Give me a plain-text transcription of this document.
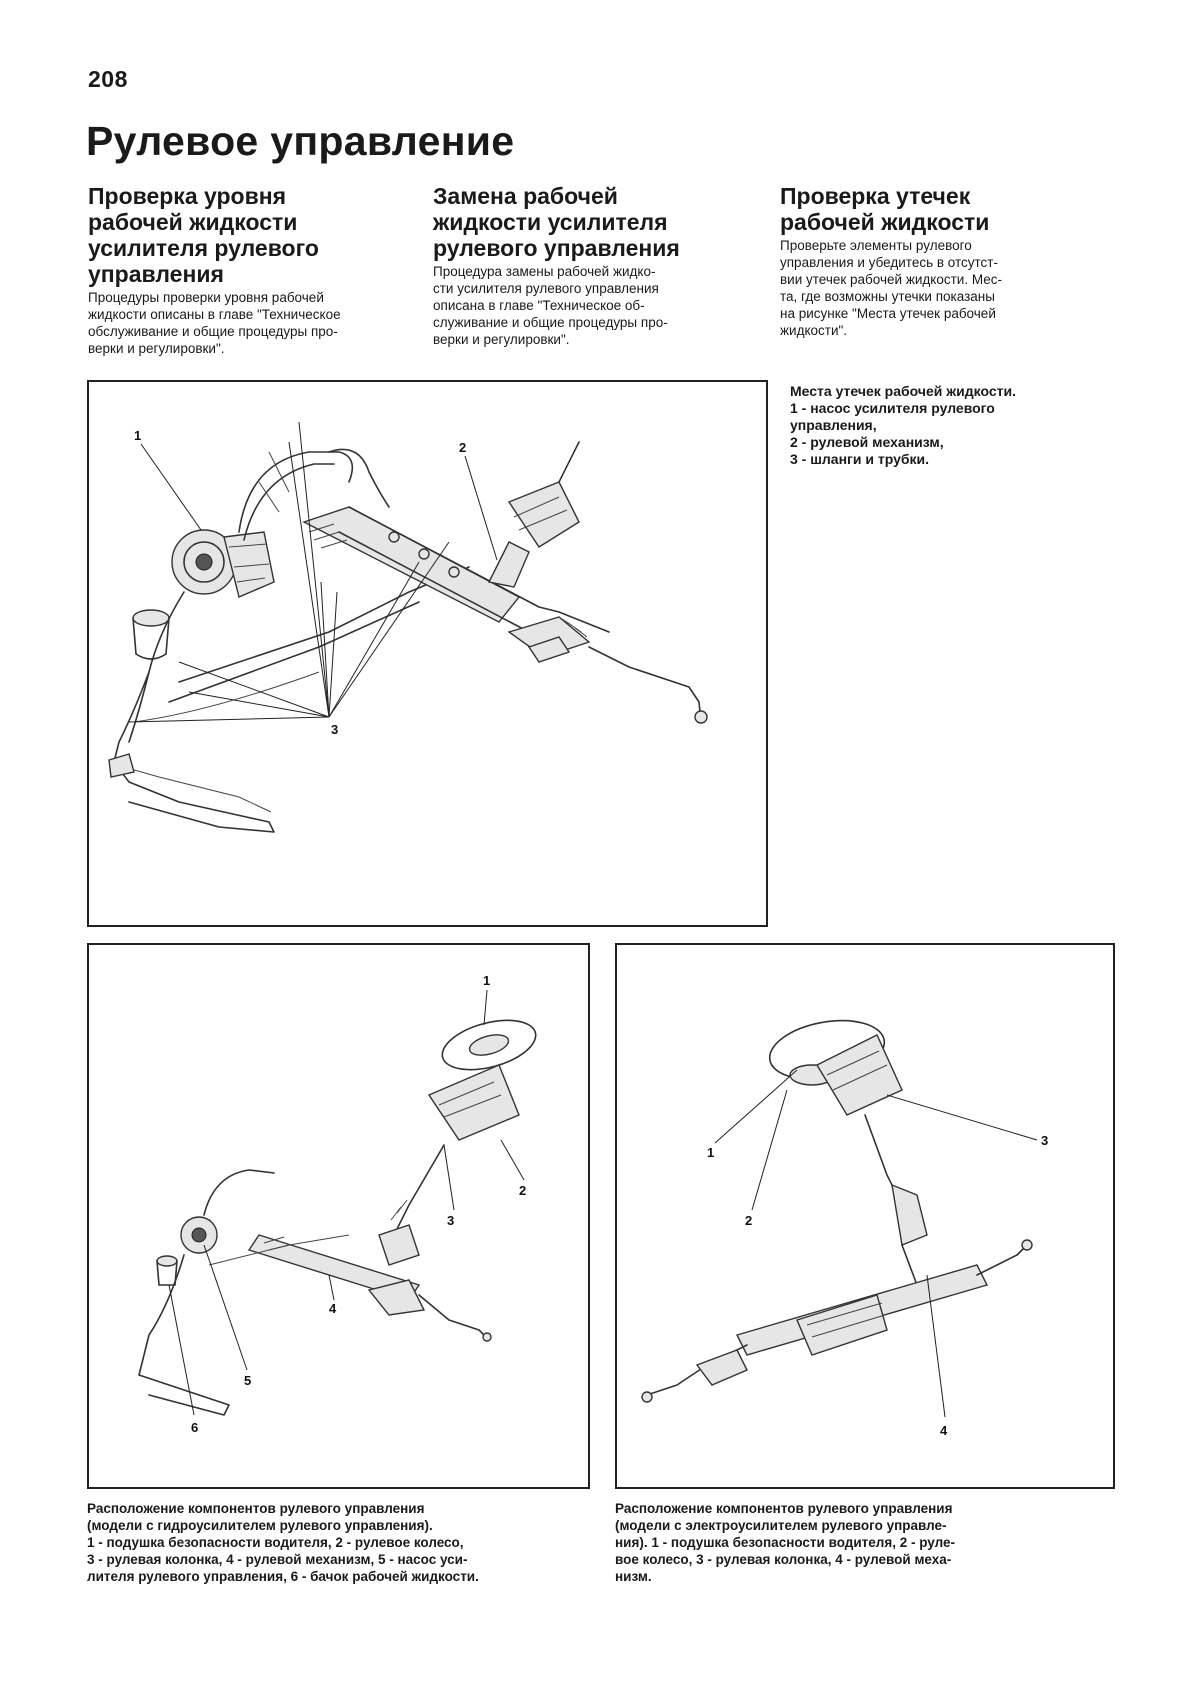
208
Рулевое управление
Проверка уровня
рабочей жидкости
усилителя рулевого
управления
Процедуры проверки уровня рабочей
жидкости описаны в главе "Техническое
обслуживание и общие процедуры про-
верки и регулировки".
Замена рабочей
жидкости усилителя
рулевого управления
Процедура замены рабочей жидко-
сти усилителя рулевого управления
описана в главе "Техническое об-
служивание и общие процедуры про-
верки и регулировки".
Проверка утечек
рабочей жидкости
Проверьте элементы рулевого
управления и убедитесь в отсутст-
вии утечек рабочей жидкости. Мес-
та, где возможны утечки показаны
на рисунке "Места утечек рабочей
жидкости".
1
2
3
Места утечек рабочей жидкости.
1 - насос усилителя рулевого
управления,
2 - рулевой механизм,
3 - шланги и трубки.
1
2
3
4
5
6
Расположение компонентов рулевого управления
(модели с гидроусилителем рулевого управления).
1 - подушка безопасности водителя, 2 - рулевое колесо,
3 - рулевая колонка, 4 - рулевой механизм, 5 - насос уси-
лителя рулевого управления, 6 - бачок рабочей жидкости.
1
2
3
4
Расположение компонентов рулевого управления
(модели с электроусилителем рулевого управле-
ния). 1 - подушка безопасности водителя, 2 - руле-
вое колесо, 3 - рулевая колонка, 4 - рулевой меха-
низм.
